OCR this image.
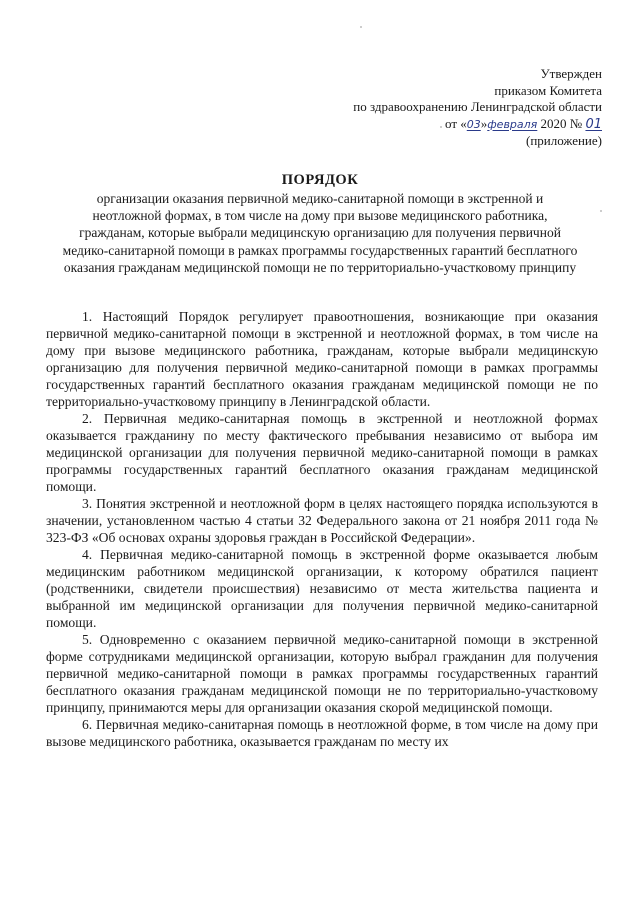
Утвержден
приказом Комитета
по здравоохранению Ленинградской области
от «03»февраля 2020 № 01
(приложение)
ПОРЯДОК
организации оказания первичной медико-санитарной помощи в экстренной и неотложной формах, в том числе на дому при вызове медицинского работника, гражданам, которые выбрали медицинскую организацию для получения первичной медико-санитарной помощи в рамках программы государственных гарантий бесплатного оказания гражданам медицинской помощи не по территориально-участковому принципу

1. Настоящий Порядок регулирует правоотношения, возникающие при оказания первичной медико-санитарной помощи в экстренной и неотложной формах, в том числе на дому при вызове медицинского работника, гражданам, которые выбрали медицинскую организацию для получения первичной медико-санитарной помощи в рамках программы государственных гарантий бесплатного оказания гражданам медицинской помощи не по территориально-участковому принципу в Ленинградской области.

2. Первичная медико-санитарная помощь в экстренной и неотложной формах оказывается гражданину по месту фактического пребывания независимо от выбора им медицинской организации для получения первичной медико-санитарной помощи в рамках программы государственных гарантий бесплатного оказания гражданам медицинской помощи.

3. Понятия экстренной и неотложной форм в целях настоящего порядка используются в значении, установленном частью 4 статьи 32 Федерального закона от 21 ноября 2011 года № 323-ФЗ «Об основах охраны здоровья граждан в Российской Федерации».

4. Первичная медико-санитарной помощь в экстренной форме оказывается любым медицинским работником медицинской организации, к которому обратился пациент (родственники, свидетели происшествия) независимо от места жительства пациента и выбранной им медицинской организации для получения первичной медико-санитарной помощи.

5. Одновременно с оказанием первичной медико-санитарной помощи в экстренной форме сотрудниками медицинской организации, которую выбрал гражданин для получения первичной медико-санитарной помощи в рамках программы государственных гарантий бесплатного оказания гражданам медицинской помощи не по территориально-участковому принципу, принимаются меры для организации оказания скорой медицинской помощи.

6. Первичная медико-санитарная помощь в неотложной форме, в том числе на дому при вызове медицинского работника, оказывается гражданам по месту их
